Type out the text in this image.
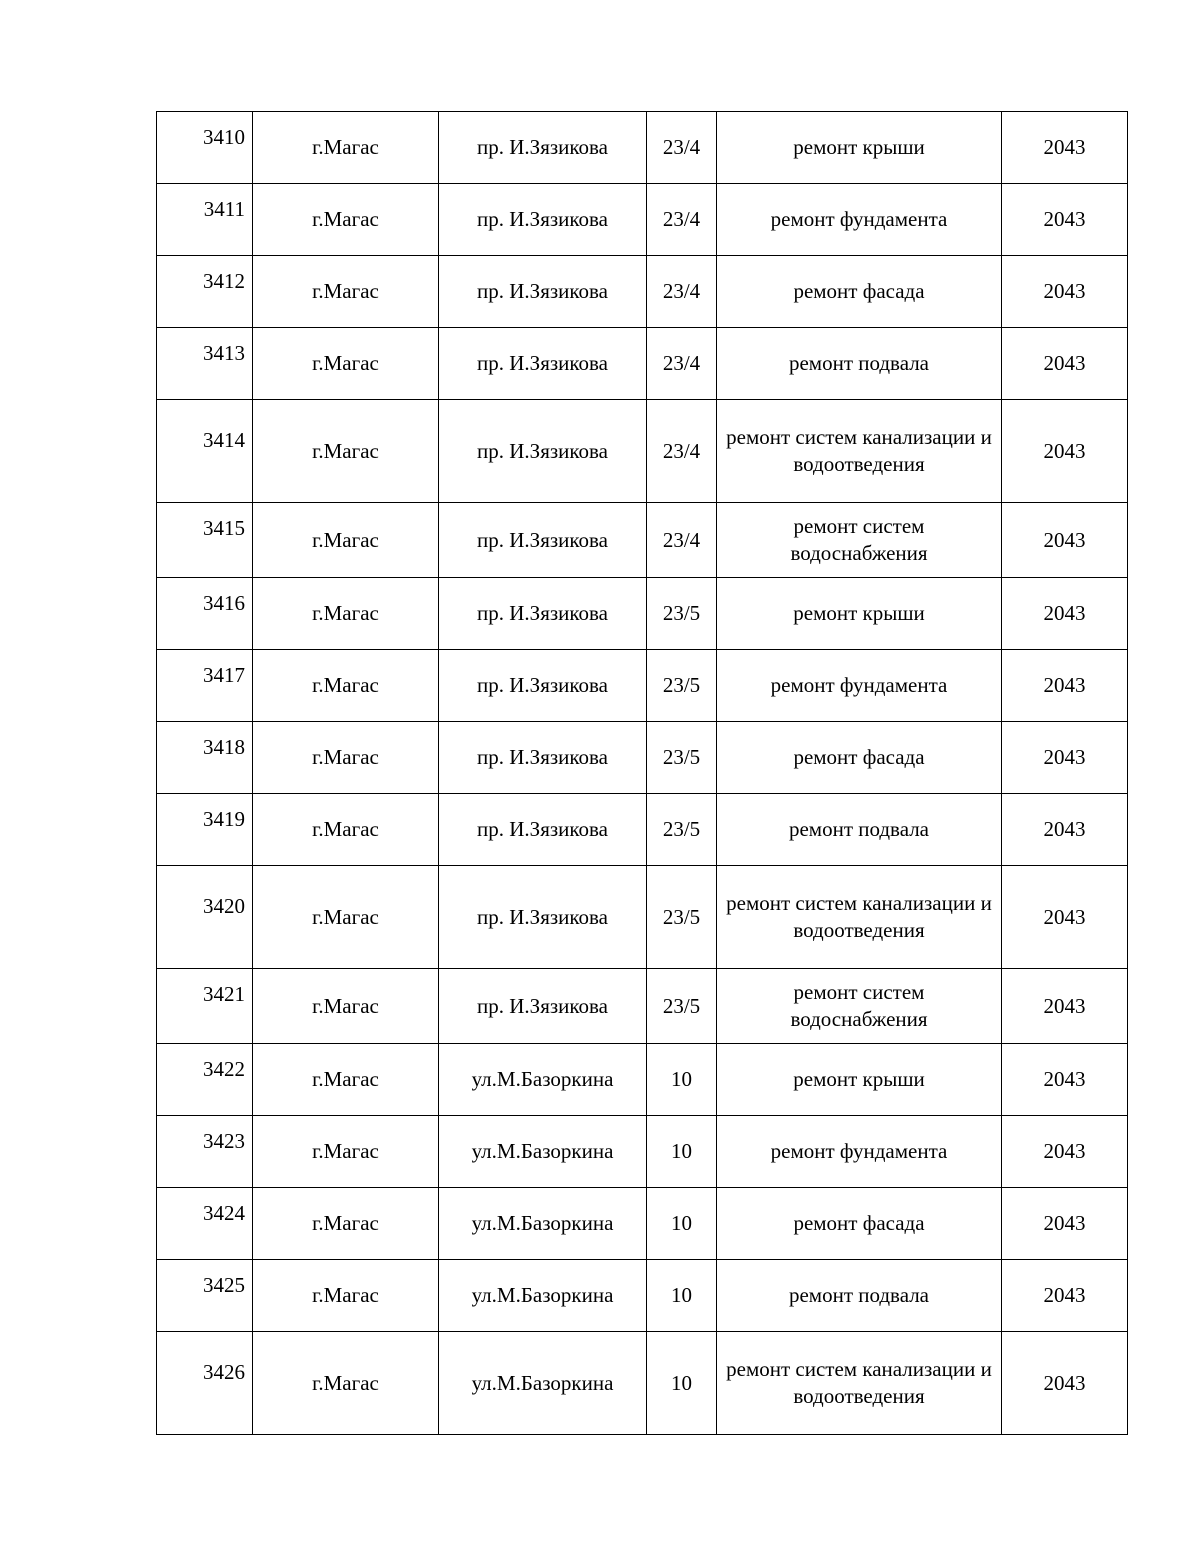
3410	г.Магас	пр. И.Зязикова	23/4	ремонт крыши	2043
3411	г.Магас	пр. И.Зязикова	23/4	ремонт фундамента	2043
3412	г.Магас	пр. И.Зязикова	23/4	ремонт фасада	2043
3413	г.Магас	пр. И.Зязикова	23/4	ремонт подвала	2043
3414	г.Магас	пр. И.Зязикова	23/4	ремонт систем канализации и водоотведения	2043
3415	г.Магас	пр. И.Зязикова	23/4	ремонт систем водоснабжения	2043
3416	г.Магас	пр. И.Зязикова	23/5	ремонт крыши	2043
3417	г.Магас	пр. И.Зязикова	23/5	ремонт фундамента	2043
3418	г.Магас	пр. И.Зязикова	23/5	ремонт фасада	2043
3419	г.Магас	пр. И.Зязикова	23/5	ремонт подвала	2043
3420	г.Магас	пр. И.Зязикова	23/5	ремонт систем канализации и водоотведения	2043
3421	г.Магас	пр. И.Зязикова	23/5	ремонт систем водоснабжения	2043
3422	г.Магас	ул.М.Базоркина	10	ремонт крыши	2043
3423	г.Магас	ул.М.Базоркина	10	ремонт фундамента	2043
3424	г.Магас	ул.М.Базоркина	10	ремонт фасада	2043
3425	г.Магас	ул.М.Базоркина	10	ремонт подвала	2043
3426	г.Магас	ул.М.Базоркина	10	ремонт систем канализации и водоотведения	2043
